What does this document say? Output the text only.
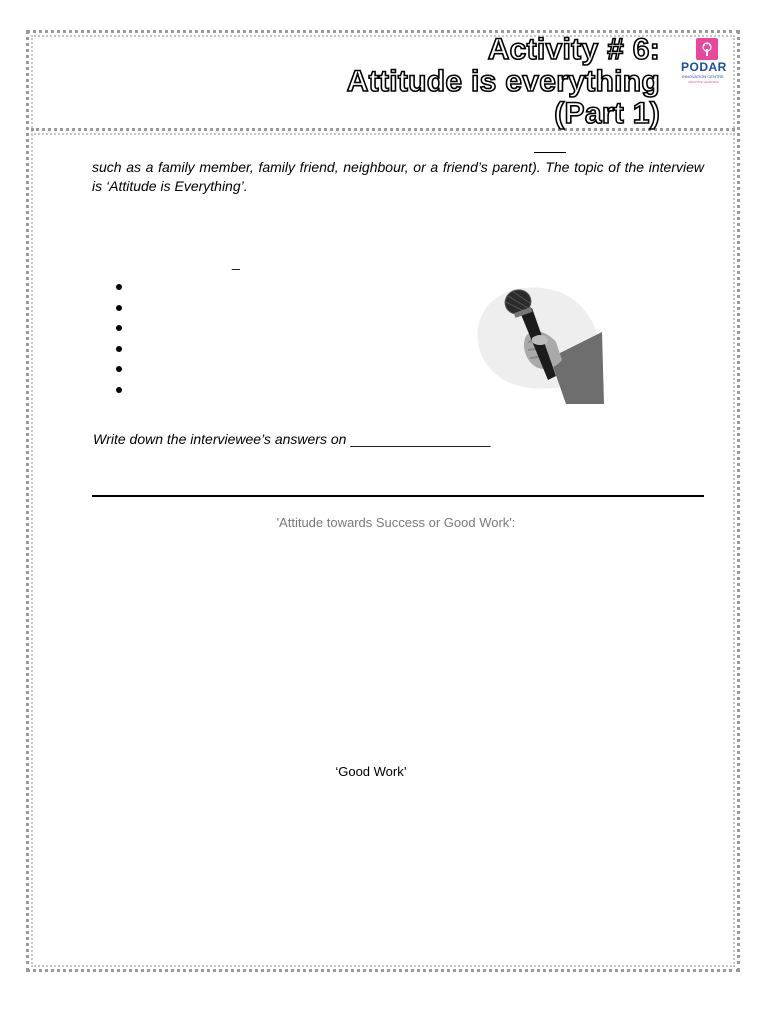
Activity # 6:
Attitude is everything
(Part 1)
PODAR
INNOVATION CENTRE
CREATIVE LEARNING
such as a family member, family friend, neighbour, or a friend’s parent). The topic of the interview is ‘Attitude is Everything’.
_
Write down the interviewee’s answers on __________________
'Attitude towards Success or Good Work':
‘Good Work’
